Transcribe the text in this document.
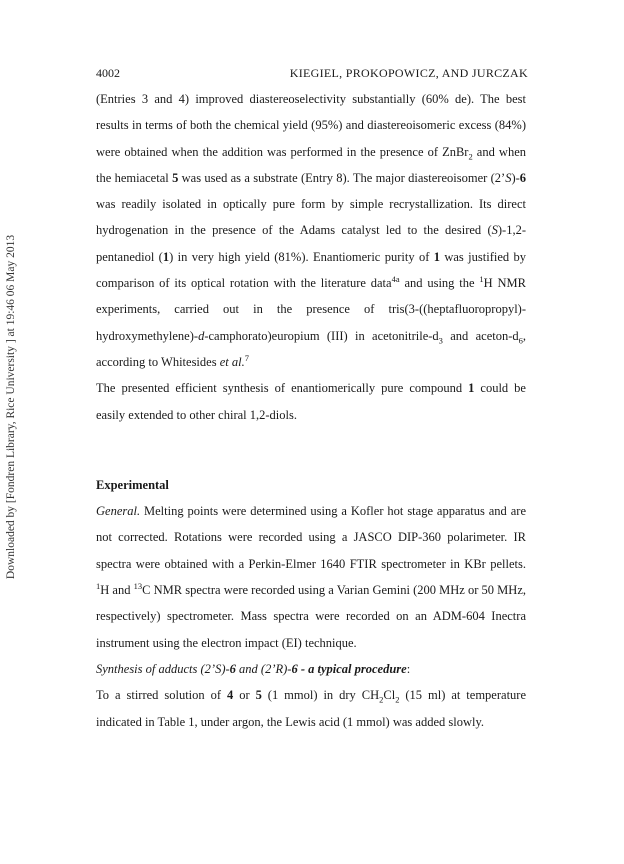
4002	KIEGIEL, PROKOPOWICZ, AND JURCZAK
Downloaded by [Fondren Library, Rice University ] at 19:46 06 May 2013

(Entries 3 and 4) improved diastereoselectivity substantially (60% de). The best results in terms of both the chemical yield (95%) and diastereoisomeric excess (84%) were obtained when the addition was performed in the presence of ZnBr$_2$ and when the hemiacetal 5 was used as a substrate (Entry 8). The major diastereoisomer (2’S)-6 was readily isolated in optically pure form by simple recrystallization. Its direct hydrogenation in the presence of the Adams catalyst led to the desired (S)-1,2-pentanediol (1) in very high yield (81%). Enantiomeric purity of 1 was justified by comparison of its optical rotation with the literature data$^{4a}$ and using the $^1$H NMR experiments, carried out in the presence of tris(3-((heptafluoropropyl)-hydroxymethylene)-d-camphorato)europium (III) in acetonitrile-$d_3$ and aceton-$d_6$, according to Whitesides et al.$^7$

The presented efficient synthesis of enantiomerically pure compound 1 could be easily extended to other chiral 1,2-diols.

Experimental

General. Melting points were determined using a Kofler hot stage apparatus and are not corrected. Rotations were recorded using a JASCO DIP-360 polarimeter. IR spectra were obtained with a Perkin-Elmer 1640 FTIR spectrometer in KBr pellets. $^1$H and $^{13}$C NMR spectra were recorded using a Varian Gemini (200 MHz or 50 MHz, respectively) spectrometer. Mass spectra were recorded on an ADM-604 Inectra instrument using the electron impact (EI) technique.

Synthesis of adducts (2’S)-6 and (2’R)-6 - a typical procedure:

To a stirred solution of 4 or 5 (1 mmol) in dry $CH_2Cl_2$ (15 ml) at temperature indicated in Table 1, under argon, the Lewis acid (1 mmol) was added slowly.
